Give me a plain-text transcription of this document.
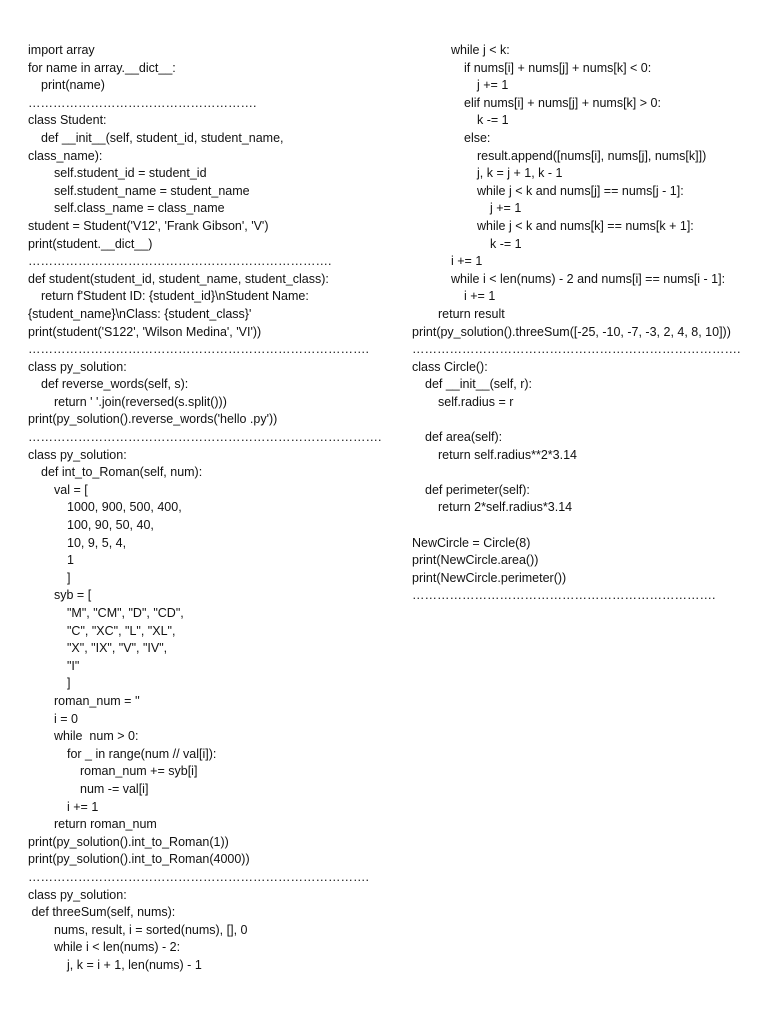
import array
for name in array.__dict__:
print(name)
……………………………………………….
class Student:
def __init__(self, student_id, student_name,
class_name):
self.student_id = student_id
self.student_name = student_name
self.class_name = class_name
student = Student('V12', 'Frank Gibson', 'V')
print(student.__dict__)
……………………………………………………………….
def student(student_id, student_name, student_class):
return f'Student ID: {student_id}\nStudent Name:
{student_name}\nClass: {student_class}'
print(student('S122', 'Wilson Medina', 'VI'))
……………………………………………………………………….
class py_solution:
def reverse_words(self, s):
return ' '.join(reversed(s.split()))
print(py_solution().reverse_words('hello .py'))
………………………………………………………………………….
class py_solution:
def int_to_Roman(self, num):
val = [
1000, 900, 500, 400,
100, 90, 50, 40,
10, 9, 5, 4,
1
]
syb = [
"M", "CM", "D", "CD",
"C", "XC", "L", "XL",
"X", "IX", "V", "IV",
"I"
]
roman_num = ''
i = 0
while  num > 0:
for _ in range(num // val[i]):
roman_num += syb[i]
num -= val[i]
i += 1
return roman_num
print(py_solution().int_to_Roman(1))
print(py_solution().int_to_Roman(4000))
……………………………………………………………………….
class py_solution:
def threeSum(self, nums):
nums, result, i = sorted(nums), [], 0
while i < len(nums) - 2:
j, k = i + 1, len(nums) - 1
while j < k:
if nums[i] + nums[j] + nums[k] < 0:
j += 1
elif nums[i] + nums[j] + nums[k] > 0:
k -= 1
else:
result.append([nums[i], nums[j], nums[k]])
j, k = j + 1, k - 1
while j < k and nums[j] == nums[j - 1]:
j += 1
while j < k and nums[k] == nums[k + 1]:
k -= 1
i += 1
while i < len(nums) - 2 and nums[i] == nums[i - 1]:
i += 1
return result
print(py_solution().threeSum([-25, -10, -7, -3, 2, 4, 8, 10]))
…………………………………………………………………….
class Circle():
def __init__(self, r):
self.radius = r
def area(self):
return self.radius**2*3.14
def perimeter(self):
return 2*self.radius*3.14
NewCircle = Circle(8)
print(NewCircle.area())
print(NewCircle.perimeter())
……………………………………………………………….
